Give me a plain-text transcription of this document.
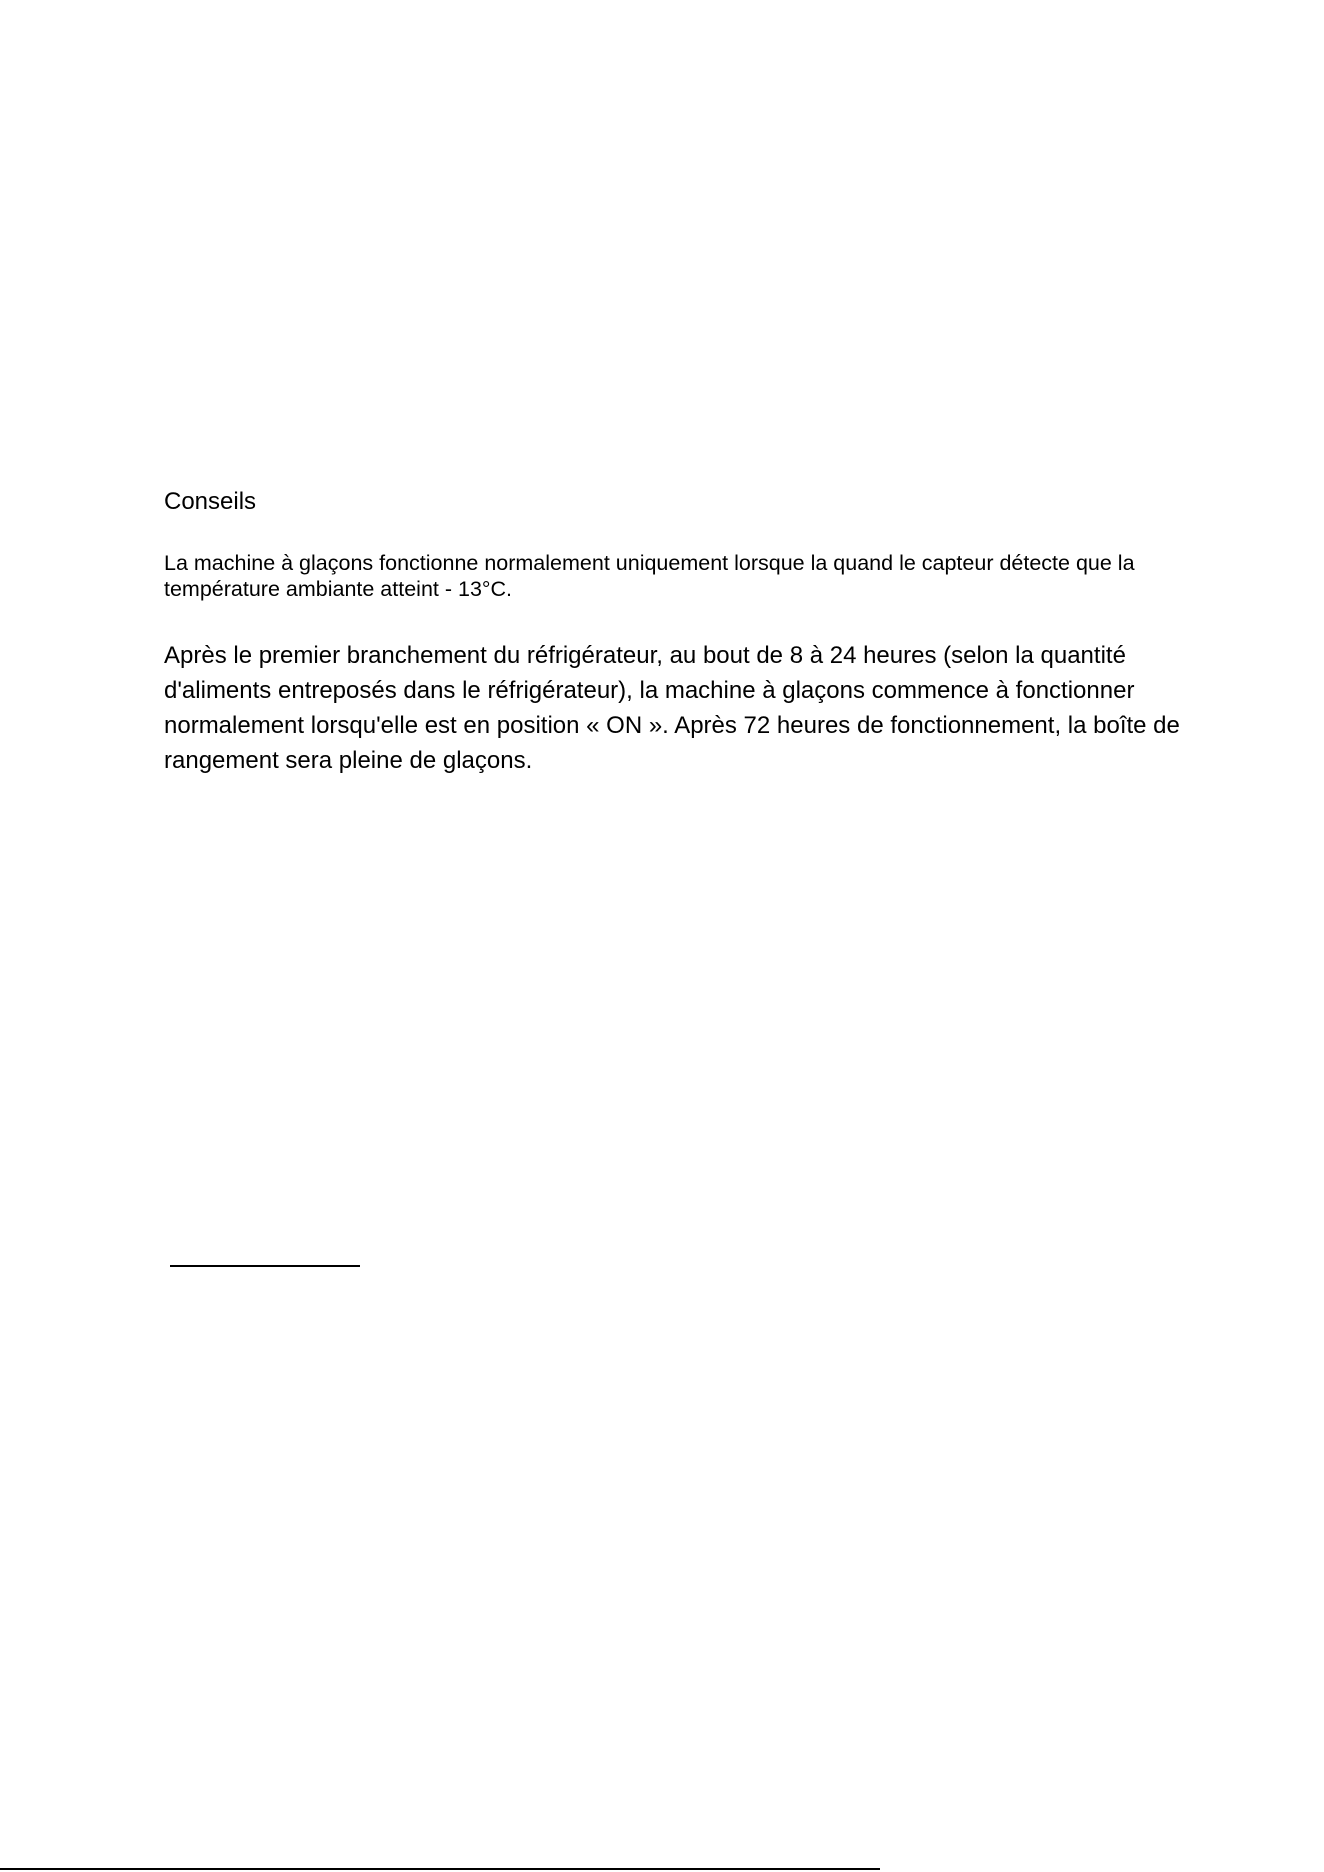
Conseils
La machine à glaçons fonctionne normalement uniquement lorsque la quand le capteur détecte que la
température ambiante atteint - 13°C.
Après le premier branchement du réfrigérateur, au bout de 8 à 24 heures (selon la quantité
d'aliments entreposés dans le réfrigérateur), la machine à glaçons commence à fonctionner
normalement lorsqu'elle est en position « ON ». Après 72 heures de fonctionnement, la boîte de
rangement sera pleine de glaçons.
